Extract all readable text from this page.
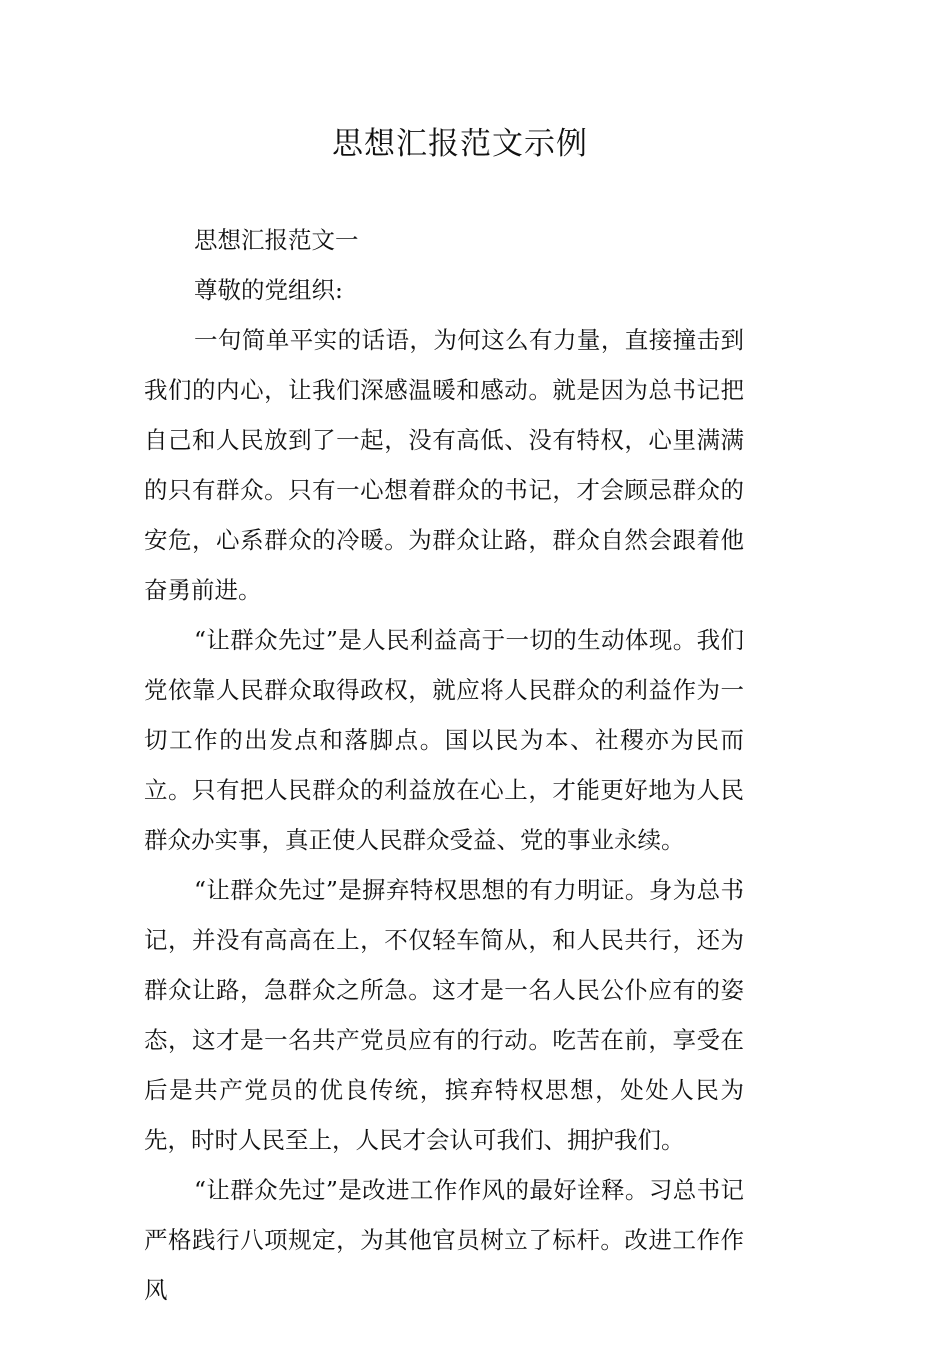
思想汇报范文示例

思想汇报范文一

尊敬的党组织:

一句简单平实的话语，为何这么有力量，直接撞击到我们的内心，让我们深感温暖和感动。就是因为总书记把自己和人民放到了一起，没有高低、没有特权，心里满满的只有群众。只有一心想着群众的书记，才会顾忌群众的安危，心系群众的冷暖。为群众让路，群众自然会跟着他奋勇前进。

“让群众先过”是人民利益高于一切的生动体现。我们党依靠人民群众取得政权，就应将人民群众的利益作为一切工作的出发点和落脚点。国以民为本、社稷亦为民而立。只有把人民群众的利益放在心上，才能更好地为人民群众办实事，真正使人民群众受益、党的事业永续。

“让群众先过”是摒弃特权思想的有力明证。身为总书记，并没有高高在上，不仅轻车简从，和人民共行，还为群众让路，急群众之所急。这才是一名人民公仆应有的姿态，这才是一名共产党员应有的行动。吃苦在前，享受在后是共产党员的优良传统，摈弃特权思想，处处人民为先，时时人民至上，人民才会认可我们、拥护我们。

“让群众先过”是改进工作作风的最好诠释。习总书记严格践行八项规定，为其他官员树立了标杆。改进工作作风
